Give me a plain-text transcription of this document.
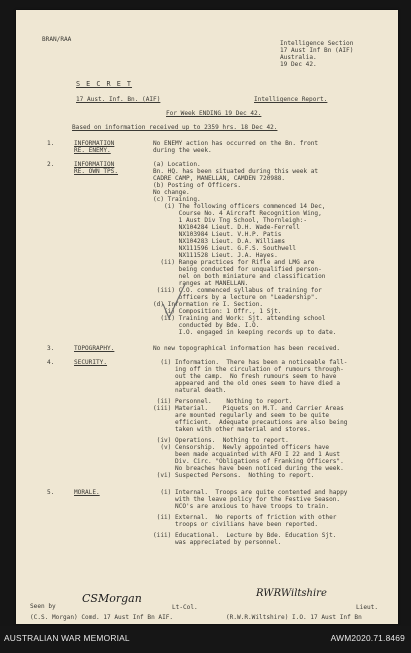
BRAN/RAA
Intelligence Section
17 Aust Inf Bn (AIF)
Australia.
19 Dec 42.
S E C R E T
17 Aust. Inf. Bn. (AIF)	Intelligence Report.
For Week ENDING 19 Dec 42.
Based on information received up to 2359 hrs. 18 Dec 42.
1.	INFORMATION
RE. ENEMY.
No ENEMY action has occurred on the Bn. front
during the week.
2.	INFORMATION
RE. OWN TPS.
(a) Location.
Bn. HQ. has been situated during this week at
CADRE CAMP, MANELLAN, CAMDEN 720988.
(b) Posting of Officers.
No change.
(c) Training.
(i) The following officers commenced 14 Dec,
Course No. 4 Aircraft Recognition Wing,
1 Aust Div Tng School, Thornleigh:-
NX104284 Lieut. D.H. Wade-Ferrell
NX103984 Lieut. V.H.P. Patis
NX104283 Lieut. D.A. Williams
NX111596 Lieut. G.F.S. Southwell
NX111528 Lieut. J.A. Hayes.
(ii) Range practices for Rifle and LMG are
being conducted for unqualified person-
nel on both miniature and classification
ranges at MANELLAN.
(iii) C.O. commenced syllabus of training for
officers by a lecture on "Leadership".
(d) Information re I. Section.
(i) Composition: 1 Offr., 1 Sjt.
(ii) Training and Work: Sjt. attending school
conducted by Bde. I.O.
I.O. engaged in keeping records up to date.
3.	TOPOGRAPHY.	No new topographical information has been received.
4.	SECURITY.	(i) Information.  There has been a noticeable fall-
ing off in the circulation of rumours through-
out the camp.  No fresh rumours seem to have
appeared and the old ones seem to have died a
natural death.
(ii) Personnel.    Nothing to report.
(iii) Material.    Piquets on M.T. and Carrier Areas
are mounted regularly and seem to be quite
efficient.  Adequate precautions are also being
taken with other material and stores.
(iv) Operations.  Nothing to report.
(v) Censorship.  Newly appointed officers have
been made acquainted with AFO I 22 and 1 Aust
Div. Circ. "Obligations of Franking Officers".
No breaches have been noticed during the week.
(vi) Suspected Persons.  Nothing to report.
5.	MORALE.	(i) Internal.  Troops are quite contented and happy
with the leave policy for the Festive Season.
NCO's are anxious to have troops to train.
(ii) External.  No reports of friction with other
troops or civilians have been reported.
(iii) Educational.  Lecture by Bde. Education Sjt.
was appreciated by personnel.
Seen by
CSMorgan
Lt-Col.
(C.S. Morgan) Comd. 17 Aust Inf Bn AIF.
RWRWiltshire
Lieut.
(R.W.R.Wiltshire) I.O. 17 Aust Inf Bn
AUSTRALIAN WAR MEMORIAL	AWM2020.71.8469
